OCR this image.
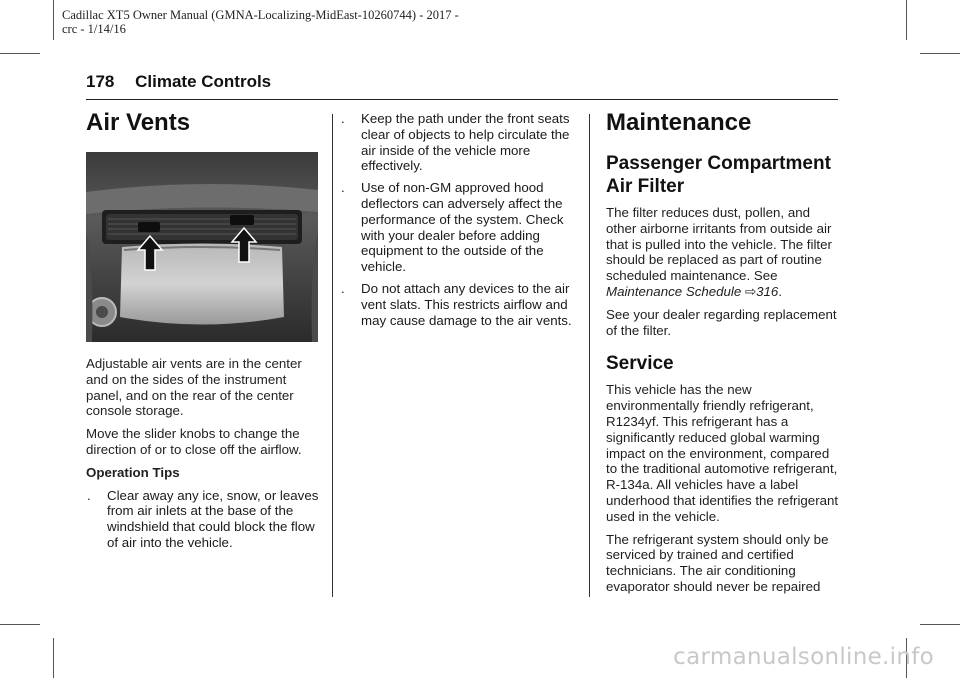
Cadillac XT5 Owner Manual (GMNA-Localizing-MidEast-10260744) - 2017 -
crc - 1/14/16
178 Climate Controls
Air Vents

Adjustable air vents are in the center and on the sides of the instrument panel, and on the rear of the center console storage.

Move the slider knobs to change the direction of or to close off the airflow.

Operation Tips

.	Clear away any ice, snow, or leaves from air inlets at the base of the windshield that could block the flow of air into the vehicle.
.	Keep the path under the front seats clear of objects to help circulate the air inside of the vehicle more effectively.
.	Use of non-GM approved hood deflectors can adversely affect the performance of the system. Check with your dealer before adding equipment to the outside of the vehicle.
.	Do not attach any devices to the air vent slats. This restricts airflow and may cause damage to the air vents.
Maintenance
Passenger Compartment Air Filter

The filter reduces dust, pollen, and other airborne irritants from outside air that is pulled into the vehicle. The filter should be replaced as part of routine scheduled maintenance. See Maintenance Schedule ⇨316.

See your dealer regarding replacement of the filter.

Service

This vehicle has the new environmentally friendly refrigerant, R1234yf. This refrigerant has a significantly reduced global warming impact on the environment, compared to the traditional automotive refrigerant, R-134a. All vehicles have a label underhood that identifies the refrigerant used in the vehicle.

The refrigerant system should only be serviced by trained and certified technicians. The air conditioning evaporator should never be repaired

carmanualsonline.info
